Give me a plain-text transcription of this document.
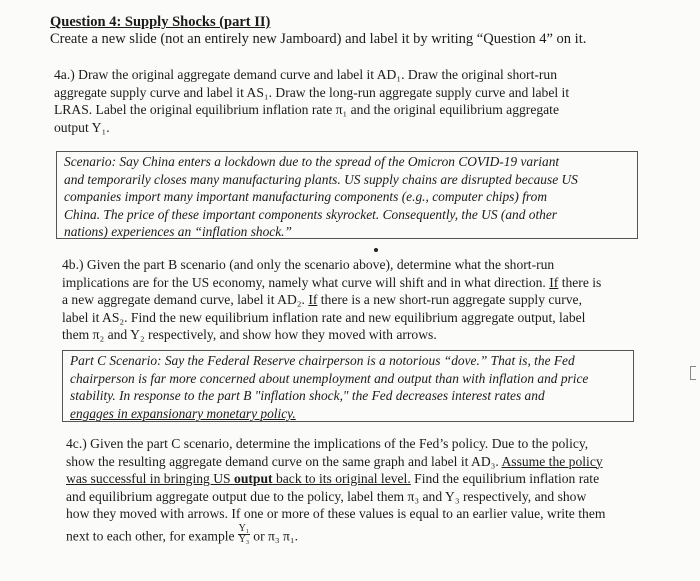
Question 4: Supply Shocks (part II)
Create a new slide (not an entirely new Jamboard) and label it by writing “Question 4” on it.

4a.) Draw the original aggregate demand curve and label it AD₁. Draw the original short-run

aggregate supply curve and label it AS₁. Draw the long-run aggregate supply curve and label it

LRAS. Label the original equilibrium inflation rate π₁ and the original equilibrium aggregate

output Y₁.

Scenario: Say China enters a lockdown due to the spread of the Omicron COVID-19 variant

and temporarily closes many manufacturing plants. US supply chains are disrupted because US

companies import many important manufacturing components (e.g., computer chips) from

China. The price of these important components skyrocket. Consequently, the US (and other

nations) experiences an “inflation shock.”

4b.) Given the part B scenario (and only the scenario above), determine what the short-run

implications are for the US economy, namely what curve will shift and in what direction. If there is

a new aggregate demand curve, label it AD₂. If there is a new short-run aggregate supply curve,

label it AS₂. Find the new equilibrium inflation rate and new equilibrium aggregate output, label

them π₂ and Y₂ respectively, and show how they moved with arrows.

Part C Scenario: Say the Federal Reserve chairperson is a notorious “dove.” That is, the Fed

chairperson is far more concerned about unemployment and output than with inflation and price

stability. In response to the part B "inflation shock," the Fed decreases interest rates and

engages in expansionary monetary policy.

4c.) Given the part C scenario, determine the implications of the Fed’s policy. Due to the policy,

show the resulting aggregate demand curve on the same graph and label it AD₃. Assume the policy

was successful in bringing US output back to its original level. Find the equilibrium inflation rate

and equilibrium aggregate output due to the policy, label them π₃ and Y₃ respectively, and show

how they moved with arrows. If one or more of these values is equal to an earlier value, write them

next to each other, for example $\frac{\text{Y₁}}{\text{Y₃}}$ or π₃ π₁.
